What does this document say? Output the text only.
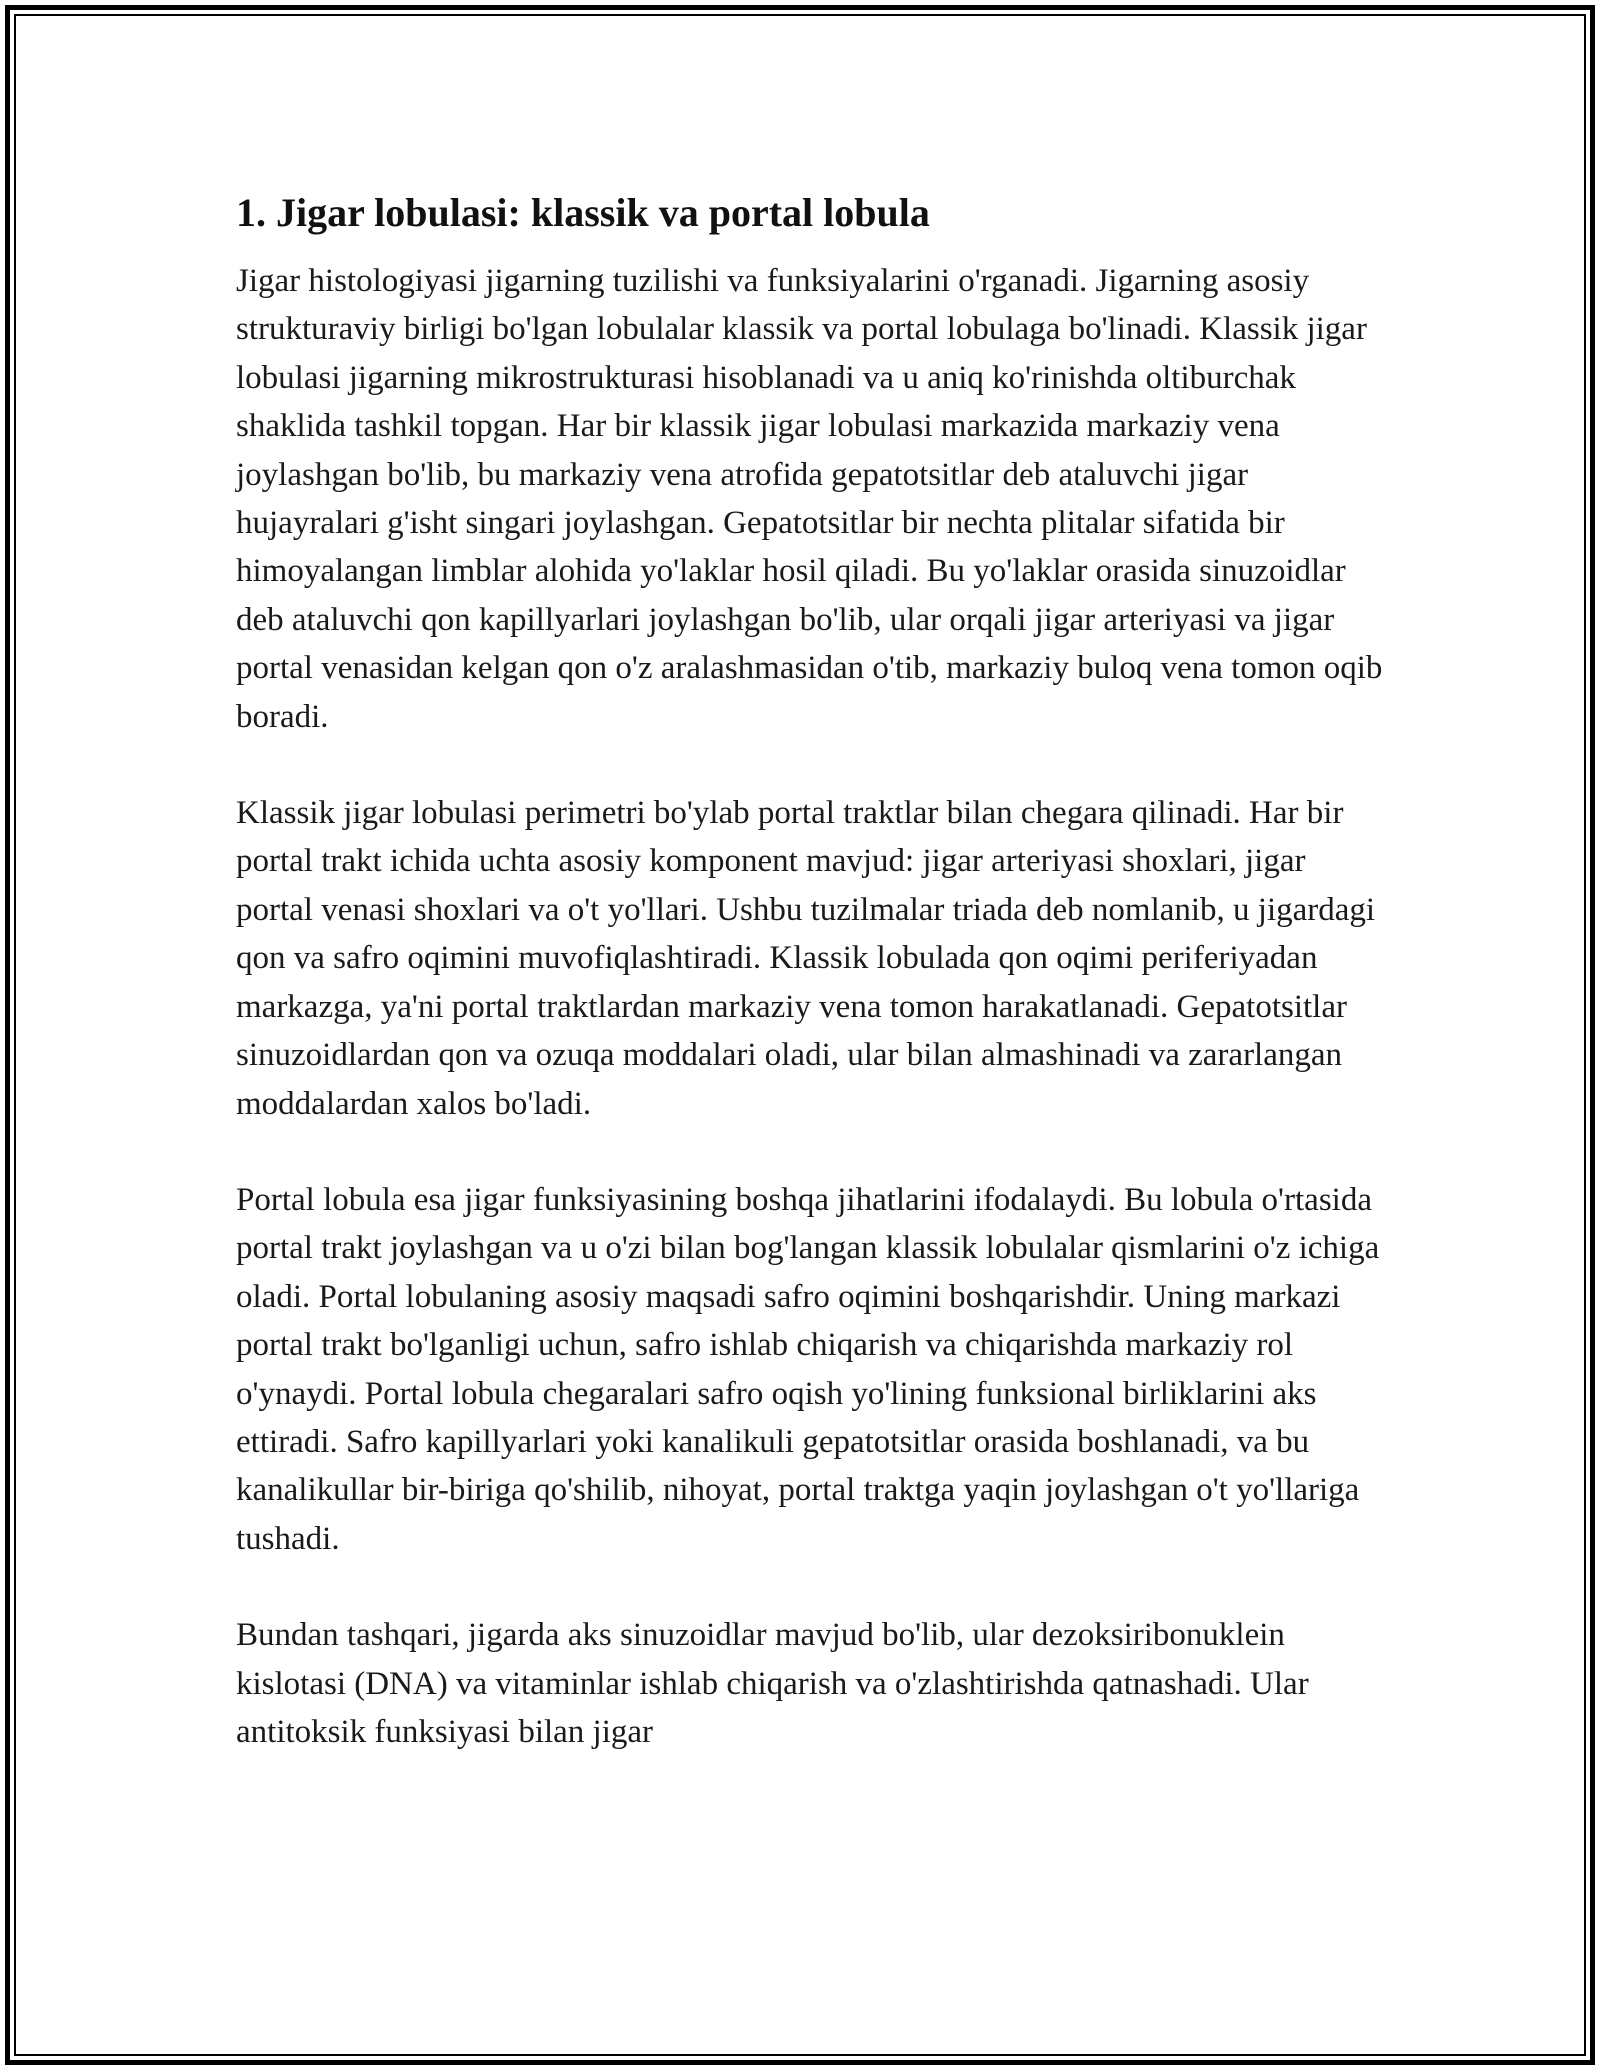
1. Jigar lobulasi: klassik va portal lobula

Jigar histologiyasi jigarning tuzilishi va funksiyalarini o'rganadi. Jigarning asosiy strukturaviy birligi bo'lgan lobulalar klassik va portal lobulaga bo'linadi. Klassik jigar lobulasi jigarning mikrostrukturasi hisoblanadi va u aniq ko'rinishda oltiburchak shaklida tashkil topgan. Har bir klassik jigar lobulasi markazida markaziy vena joylashgan bo'lib, bu markaziy vena atrofida gepatotsitlar deb ataluvchi jigar hujayralari g'isht singari joylashgan. Gepatotsitlar bir nechta plitalar sifatida bir himoyalangan limblar alohida yo'laklar hosil qiladi. Bu yo'laklar orasida sinuzoidlar deb ataluvchi qon kapillyarlari joylashgan bo'lib, ular orqali jigar arteriyasi va jigar portal venasidan kelgan qon o'z aralashmasidan o'tib, markaziy buloq vena tomon oqib boradi.

Klassik jigar lobulasi perimetri bo'ylab portal traktlar bilan chegara qilinadi. Har bir portal trakt ichida uchta asosiy komponent mavjud: jigar arteriyasi shoxlari, jigar portal venasi shoxlari va o't yo'llari. Ushbu tuzilmalar triada deb nomlanib, u jigardagi qon va safro oqimini muvofiqlashtiradi. Klassik lobulada qon oqimi periferiyadan markazga, ya'ni portal traktlardan markaziy vena tomon harakatlanadi. Gepatotsitlar sinuzoidlardan qon va ozuqa moddalari oladi, ular bilan almashinadi va zararlangan moddalardan xalos bo'ladi.

Portal lobula esa jigar funksiyasining boshqa jihatlarini ifodalaydi. Bu lobula o'rtasida portal trakt joylashgan va u o'zi bilan bog'langan klassik lobulalar qismlarini o'z ichiga oladi. Portal lobulaning asosiy maqsadi safro oqimini boshqarishdir. Uning markazi portal trakt bo'lganligi uchun, safro ishlab chiqarish va chiqarishda markaziy rol o'ynaydi. Portal lobula chegaralari safro oqish yo'lining funksional birliklarini aks ettiradi. Safro kapillyarlari yoki kanalikuli gepatotsitlar orasida boshlanadi, va bu kanalikullar bir-biriga qo'shilib, nihoyat, portal traktga yaqin joylashgan o't yo'llariga tushadi.

Bundan tashqari, jigarda aks sinuzoidlar mavjud bo'lib, ular dezoksiribonuklein kislotasi (DNA) va vitaminlar ishlab chiqarish va o'zlashtirishda qatnashadi. Ular antitoksik funksiyasi bilan jigar
